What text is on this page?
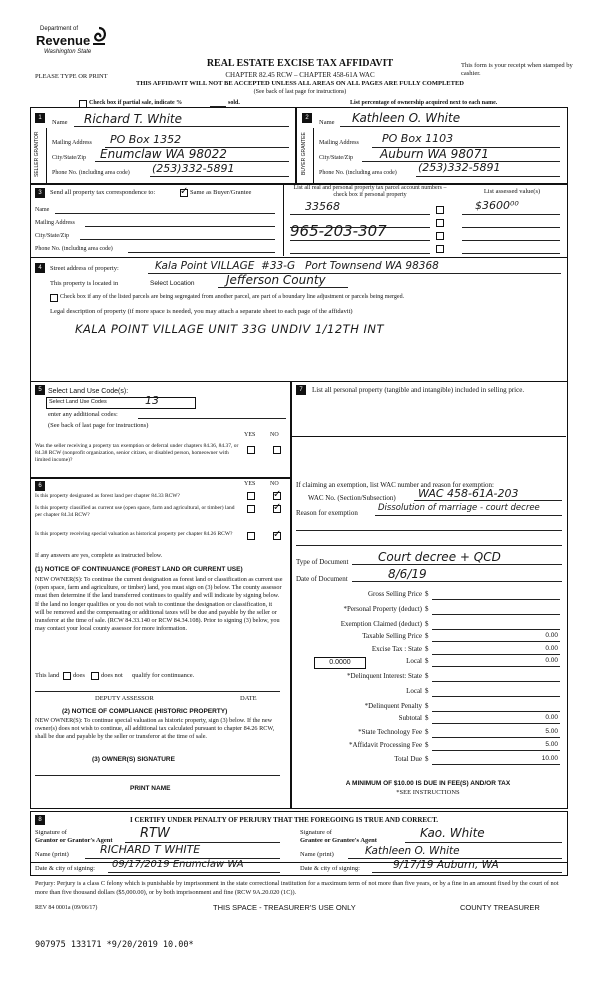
Department of
Revenue
Washington State
PLEASE TYPE OR PRINT
REAL ESTATE EXCISE TAX AFFIDAVIT
CHAPTER 82.45 RCW – CHAPTER 458-61A WAC
THIS AFFIDAVIT WILL NOT BE ACCEPTED UNLESS ALL AREAS ON ALL PAGES ARE FULLY COMPLETED
(See back of last page for instructions)
This form is your receipt when stamped by cashier.
Check box if partial sale, indicate %	sold.	List percentage of ownership acquired next to each name.
1
SELLER GRANTOR
Name Richard T. White
Mailing Address PO Box 1352
City/State/Zip Enumclaw WA 98022
Phone No. (including area code) (253)332-5891
2
BUYER GRANTEE
Name Kathleen O. White
Mailing Address PO Box 1103
City/State/Zip Auburn WA 98071
Phone No. (including area code) (253)332-5891
3	Send all property tax correspondence to:
✓	Same as Buyer/Grantee
Name
Mailing Address
City/State/Zip
Phone No. (including area code)
List all real and personal property tax parcel account numbers – check box if personal property	List assessed value(s)
33568	$3600⁰⁰
965-203-307
4	Street address of property:	Kala Point VILLAGE  #33-G   Port Townsend WA 98368
This property is located in	Select Location	Jefferson County
Check box if any of the listed parcels are being segregated from another parcel, are part of a boundary line adjustment or parcels being merged.
Legal description of property (if more space is needed, you may attach a separate sheet to each page of the affidavit)
KALA POINT VILLAGE UNIT 33G UNDIV 1/12TH INT
5 Select Land Use Code(s):
Select Land Use Codes	13
enter any additional codes:
(See back of last page for instructions)
YES NO
Was the seller receiving a property tax exemption or deferral under chapters 84.36, 84.37, or 84.38 RCW (nonprofit organization, senior citizen, or disabled person, homeowner with limited income)?
6	YES NO
Is this property designated as forest land per chapter 84.33 RCW?
✓
Is this property classified as current use (open space, farm and agricultural, or timber) land per chapter 84.34 RCW?
✓
Is this property receiving special valuation as historical property per chapter 84.26 RCW?
✓
If any answers are yes, complete as instructed below.
(1) NOTICE OF CONTINUANCE (FOREST LAND OR CURRENT USE)
NEW OWNER(S): To continue the current designation as forest land or classification as current use (open space, farm and agriculture, or timber) land, you must sign on (3) below. The county assessor must then determine if the land transferred continues to qualify and will indicate by signing below. If the land no longer qualifies or you do not wish to continue the designation or classification, it will be removed and the compensating or additional taxes will be due and payable by the seller or transferor at the time of sale. (RCW 84.33.140 or RCW 84.34.108). Prior to signing (3) below, you may contact your local county assessor for more information.
This land does does not qualify for continuance.
DEPUTY ASSESSOR	DATE
(2) NOTICE OF COMPLIANCE (HISTORIC PROPERTY)
NEW OWNER(S): To continue special valuation as historic property, sign (3) below. If the new owner(s) does not wish to continue, all additional tax calculated pursuant to chapter 84.26 RCW, shall be due and payable by the seller or transferor at the time of sale.
(3) OWNER(S) SIGNATURE
PRINT NAME
7	List all personal property (tangible and intangible) included in selling price.
If claiming an exemption, list WAC number and reason for exemption:
WAC No. (Section/Subsection) WAC 458-61A-203
Reason for exemption Dissolution of marriage - court decree
Type of Document Court decree + QCD
Date of Document	8/6/19
Gross Selling Price $
*Personal Property (deduct) $
Exemption Claimed (deduct) $
Taxable Selling Price $	0.00
Excise Tax : State $	0.00
Local $	0.00
*Delinquent Interest: State $
Local $
*Delinquent Penalty $
Subtotal $	0.00
*State Technology Fee $	5.00
*Affidavit Processing Fee $	5.00
Total Due $	10.00
0.0000
A MINIMUM OF $10.00 IS DUE IN FEE(S) AND/OR TAX
*SEE INSTRUCTIONS
8	I CERTIFY UNDER PENALTY OF PERJURY THAT THE FOREGOING IS TRUE AND CORRECT.
Signature of
Grantor or Grantor's Agent RTW
Name (print)	RICHARD T WHITE
Signature of
Grantee or Grantee's Agent
Kao. White
Name (print)	Kathleen O. White
Date & city of signing: 09/17/2019 Enumclaw WA	Date & city of signing:	9/17/19 Auburn, WA
Perjury: Perjury is a class C felony which is punishable by imprisonment in the state correctional institution for a maximum term of not more than five years, or by a fine in an amount fixed by the court of not more than five thousand dollars ($5,000.00), or by both imprisonment and fine (RCW 9A.20.020 (1C)).
REV 84 0001a (09/06/17)	THIS SPACE - TREASURER'S USE ONLY	COUNTY TREASURER
907975 133171 *9/20/2019 10.00*
